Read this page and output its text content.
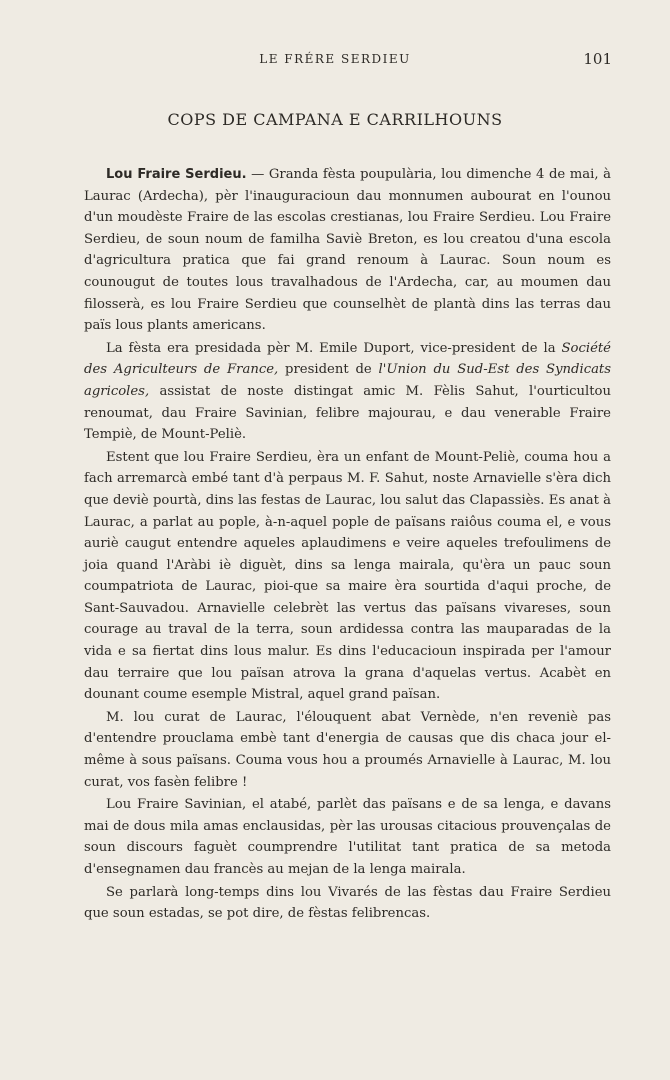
LE FRÉRE SERDIEU	101
COPS DE CAMPANA E CARRILHOUNS

Lou Fraire Serdieu. — Granda fèsta poupulària, lou dimenche 4 de mai, à Laurac (Ardecha), pèr l'inauguracioun dau monnumen aubourat en l'ounou d'un moudèste Fraire de las escolas crestianas, lou Fraire Serdieu. Lou Fraire Serdieu, de soun noum de familha Saviè Breton, es lou creatou d'una escola d'agricultura pratica que fai grand renoum à Laurac. Soun noum es counougut de toutes lous travalhadous de l'Ardecha, car, au moumen dau filosserà, es lou Fraire Serdieu que counselhèt de plantà dins las terras dau païs lous plants americans.

La fèsta era presidada pèr M. Emile Duport, vice-president de la Société des Agriculteurs de France, president de l'Union du Sud-Est des Syndicats agricoles, assistat de noste distingat amic M. Fèlis Sahut, l'ourticultou renoumat, dau Fraire Savinian, felibre majourau, e dau venerable Fraire Tempiè, de Mount-Peliè.

Estent que lou Fraire Serdieu, èra un enfant de Mount-Peliè, couma hou a fach arremarcà embé tant d'à perpaus M. F. Sahut, noste Arnavielle s'èra dich que deviè pourtà, dins las festas de Laurac, lou salut das Clapassiès. Es anat à Laurac, a parlat au pople, à-n-aquel pople de païsans raiôus couma el, e vous auriè caugut entendre aqueles aplaudimens e veire aqueles trefoulimens de joia quand l'Aràbi iè diguèt, dins sa lenga mairala, qu'èra un pauc soun coumpatriota de Laurac, pioi-que sa maire èra sourtida d'aqui proche, de Sant-Sauvadou. Arnavielle celebrèt las vertus das païsans vivareses, soun courage au traval de la terra, soun ardidessa contra las mauparadas de la vida e sa fiertat dins lous malur. Es dins l'educacioun inspirada per l'amour dau terraire que lou païsan atrova la grana d'aquelas vertus. Acabèt en dounant coume esemple Mistral, aquel grand païsan.

M. lou curat de Laurac, l'élouquent abat Vernède, n'en reveniè pas d'entendre prouclama embè tant d'energia de causas que dis chaca jour el-même à sous païsans. Couma vous hou a proumés Arnavielle à Laurac, M. lou curat, vos fasèn felibre !

Lou Fraire Savinian, el atabé, parlèt das païsans e de sa lenga, e davans mai de dous mila amas enclausidas, pèr las urousas citacious prouvençalas de soun discours faguèt coumprendre l'utilitat tant pratica de sa metoda d'ensegnamen dau francès au mejan de la lenga mairala.

Se parlarà long-temps dins lou Vivarés de las fèstas dau Fraire Serdieu que soun estadas, se pot dire, de fèstas felibrencas.
